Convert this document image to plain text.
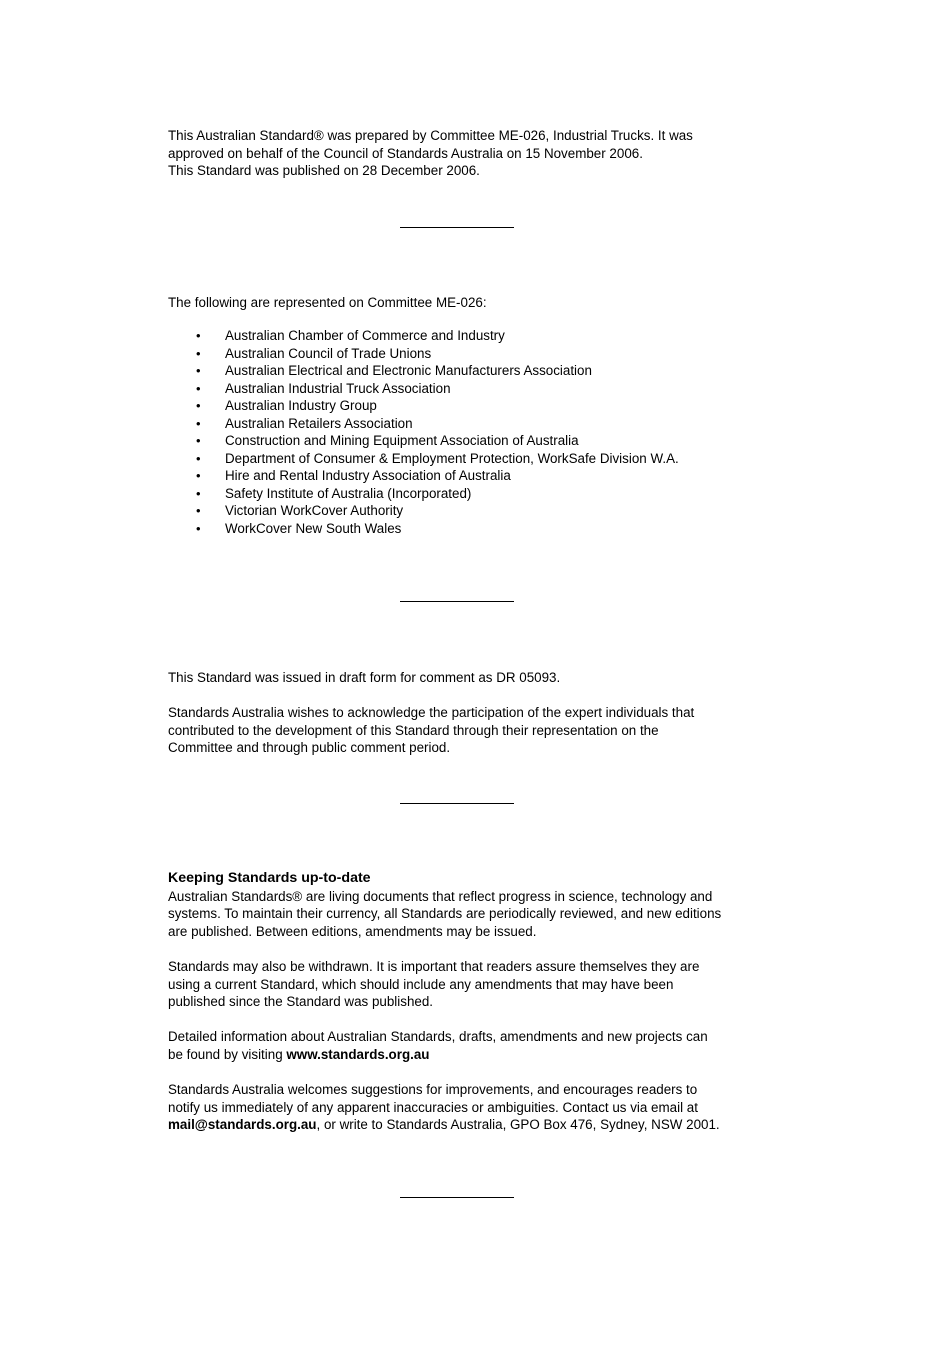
This Australian Standard® was prepared by Committee ME-026, Industrial Trucks. It was

approved on behalf of the Council of Standards Australia on 15 November 2006.

This Standard was published on 28 December 2006.

The following are represented on Committee ME-026:

• Australian Chamber of Commerce and Industry
• Australian Council of Trade Unions
• Australian Electrical and Electronic Manufacturers Association
• Australian Industrial Truck Association
• Australian Industry Group
• Australian Retailers Association
• Construction and Mining Equipment Association of Australia
• Department of Consumer & Employment Protection, WorkSafe Division W.A.
• Hire and Rental Industry Association of Australia
• Safety Institute of Australia (Incorporated)
• Victorian WorkCover Authority
• WorkCover New South Wales

This Standard was issued in draft form for comment as DR 05093.

Standards Australia wishes to acknowledge the participation of the expert individuals that

contributed to the development of this Standard through their representation on the

Committee and through public comment period.

Keeping Standards up-to-date

Australian Standards® are living documents that reflect progress in science, technology and

systems. To maintain their currency, all Standards are periodically reviewed, and new editions

are published. Between editions, amendments may be issued.

Standards may also be withdrawn. It is important that readers assure themselves they are

using a current Standard, which should include any amendments that may have been

published since the Standard was published.

Detailed information about Australian Standards, drafts, amendments and new projects can

be found by visiting www.standards.org.au

Standards Australia welcomes suggestions for improvements, and encourages readers to

notify us immediately of any apparent inaccuracies or ambiguities. Contact us via email at

mail@standards.org.au, or write to Standards Australia, GPO Box 476, Sydney, NSW 2001.
